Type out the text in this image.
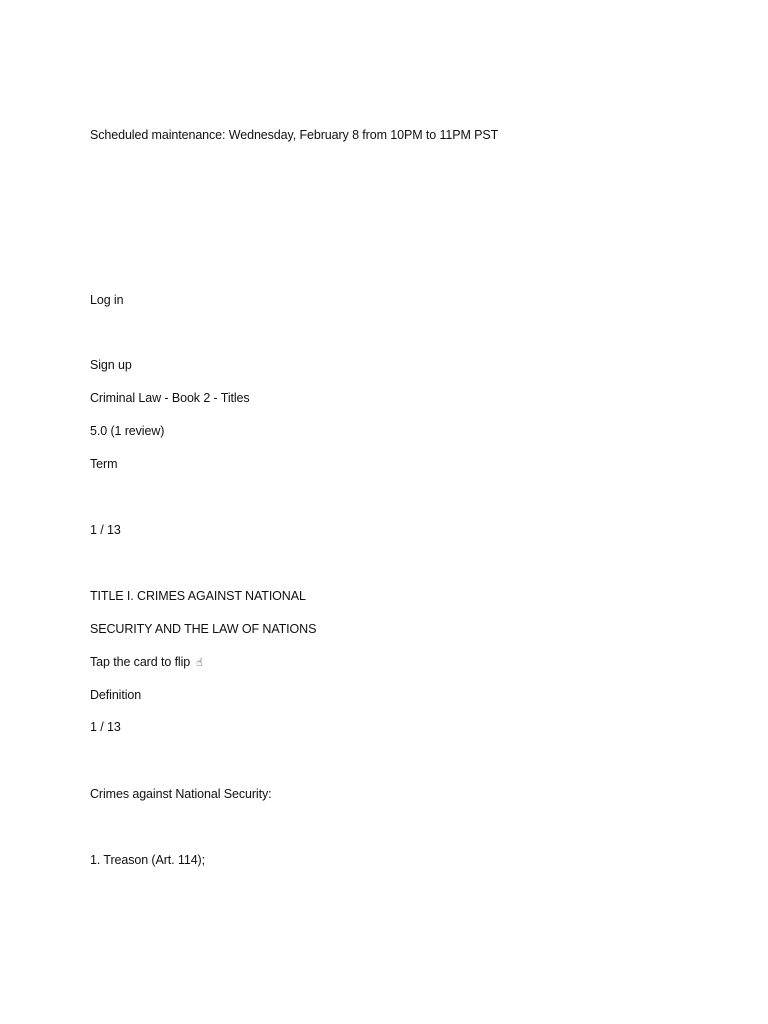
Scheduled maintenance: Wednesday, February 8 from 10PM to 11PM PST
Log in
Sign up
Criminal Law - Book 2 - Titles
5.0 (1 review)
Term
1 / 13
TITLE I. CRIMES AGAINST NATIONAL
SECURITY AND THE LAW OF NATIONS
Tap the card to flip ☝
Definition
1 / 13
Crimes against National Security:
1. Treason (Art. 114);
